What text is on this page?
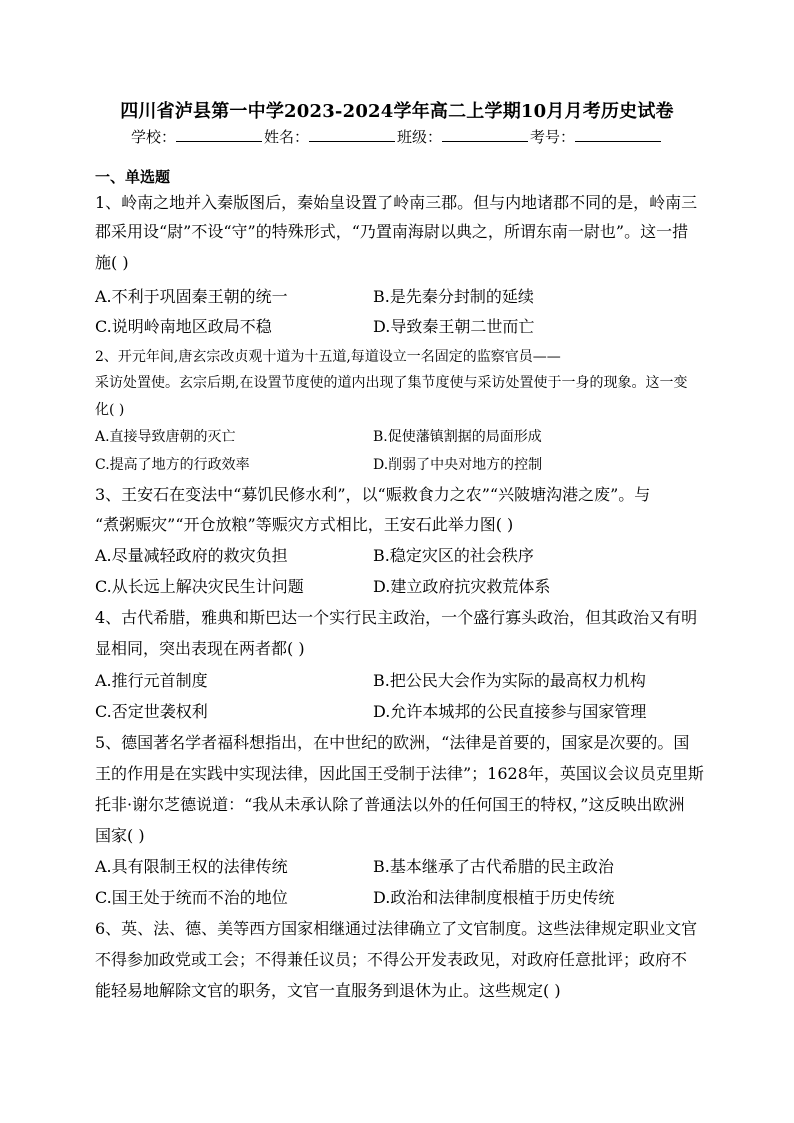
四川省泸县第一中学2023-2024学年高二上学期10月月考历史试卷
学校：	姓名：	班级：	考号：
一、单选题
1、岭南之地并入秦版图后，秦始皇设置了岭南三郡。但与内地诸郡不同的是，岭南三
郡采用设“尉”不设“守”的特殊形式，“乃置南海尉以典之，所谓东南一尉也”。这一措
施( )
A.不利于巩固秦王朝的统一	B.是先秦分封制的延续
C.说明岭南地区政局不稳	D.导致秦王朝二世而亡
2、开元年间,唐玄宗改贞观十道为十五道,每道设立一名固定的监察官员——
采访处置使。玄宗后期,在设置节度使的道内出现了集节度使与采访处置使于一身的现象。这一变
化( )
A.直接导致唐朝的灭亡	B.促使藩镇割据的局面形成
C.提高了地方的行政效率	D.削弱了中央对地方的控制
3、王安石在变法中“募饥民修水利”，以“赈救食力之农”“兴陂塘沟港之废”。与
“煮粥赈灾”“开仓放粮”等赈灾方式相比，王安石此举力图( )
A.尽量减轻政府的救灾负担	B.稳定灾区的社会秩序
C.从长远上解决灾民生计问题	D.建立政府抗灾救荒体系
4、古代希腊，雅典和斯巴达一个实行民主政治，一个盛行寡头政治，但其政治又有明
显相同，突出表现在两者都( )
A.推行元首制度	B.把公民大会作为实际的最高权力机构
C.否定世袭权利	D.允许本城邦的公民直接参与国家管理
5、德国著名学者福科想指出，在中世纪的欧洲，“法律是首要的，国家是次要的。国
王的作用是在实践中实现法律，因此国王受制于法律”；1628年，英国议会议员克里斯
托非·谢尔芝德说道：“我从未承认除了普通法以外的任何国王的特权，”这反映出欧洲
国家( )
A.具有限制王权的法律传统	B.基本继承了古代希腊的民主政治
C.国王处于统而不治的地位	D.政治和法律制度根植于历史传统
6、英、法、德、美等西方国家相继通过法律确立了文官制度。这些法律规定职业文官
不得参加政党或工会；不得兼任议员；不得公开发表政见，对政府任意批评；政府不
能轻易地解除文官的职务，文官一直服务到退休为止。这些规定( )
